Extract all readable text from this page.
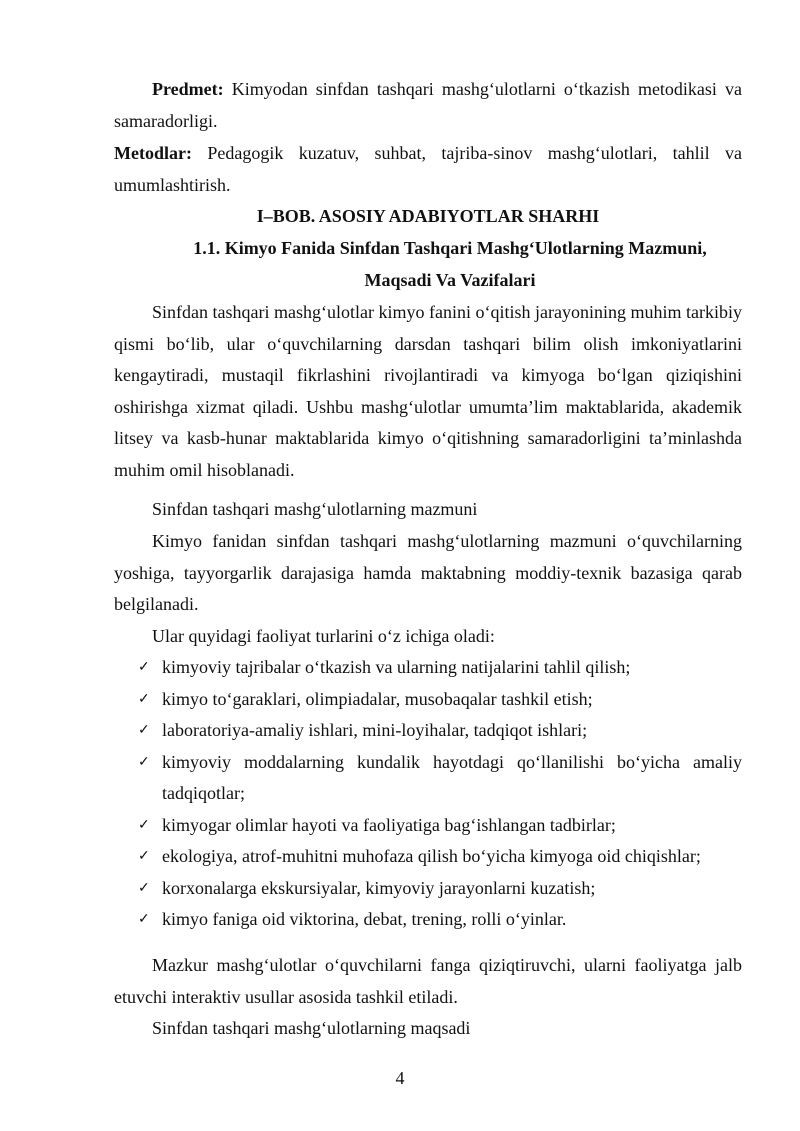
Predmet: Kimyodan sinfdan tashqari mashg‘ulotlarni o‘tkazish metodikasi va samaradorligi.

Metodlar: Pedagogik kuzatuv, suhbat, tajriba-sinov mashg‘ulotlari, tahlil va umumlashtirish.

I–BOB. ASOSIY ADABIYOTLAR SHARHI

1.1. Kimyo Fanida Sinfdan Tashqari Mashg‘Ulotlarning Mazmuni, Maqsadi Va Vazifalari

Sinfdan tashqari mashg‘ulotlar kimyo fanini o‘qitish jarayonining muhim tarkibiy qismi bo‘lib, ular o‘quvchilarning darsdan tashqari bilim olish imkoniyatlarini kengaytiradi, mustaqil fikrlashini rivojlantiradi va kimyoga bo‘lgan qiziqishini oshirishga xizmat qiladi. Ushbu mashg‘ulotlar umumta’lim maktablarida, akademik litsey va kasb-hunar maktablarida kimyo o‘qitishning samaradorligini ta’minlashda muhim omil hisoblanadi.

Sinfdan tashqari mashg‘ulotlarning mazmuni

Kimyo fanidan sinfdan tashqari mashg‘ulotlarning mazmuni o‘quvchilarning yoshiga, tayyorgarlik darajasiga hamda maktabning moddiy-texnik bazasiga qarab belgilanadi.

Ular quyidagi faoliyat turlarini o‘z ichiga oladi:

✓ kimyoviy tajribalar o‘tkazish va ularning natijalarini tahlil qilish;
✓ kimyo to‘garaklari, olimpiadalar, musobaqalar tashkil etish;
✓ laboratoriya-amaliy ishlari, mini-loyihalar, tadqiqot ishlari;
✓ kimyoviy moddalarning kundalik hayotdagi qo‘llanilishi bo‘yicha amaliy tadqiqotlar;
✓ kimyogar olimlar hayoti va faoliyatiga bag‘ishlangan tadbirlar;
✓ ekologiya, atrof-muhitni muhofaza qilish bo‘yicha kimyoga oid chiqishlar;
✓ korxonalarga ekskursiyalar, kimyoviy jarayonlarni kuzatish;
✓ kimyo faniga oid viktorina, debat, trening, rolli o‘yinlar.

Mazkur mashg‘ulotlar o‘quvchilarni fanga qiziqtiruvchi, ularni faoliyatga jalb etuvchi interaktiv usullar asosida tashkil etiladi.

Sinfdan tashqari mashg‘ulotlarning maqsadi

4
